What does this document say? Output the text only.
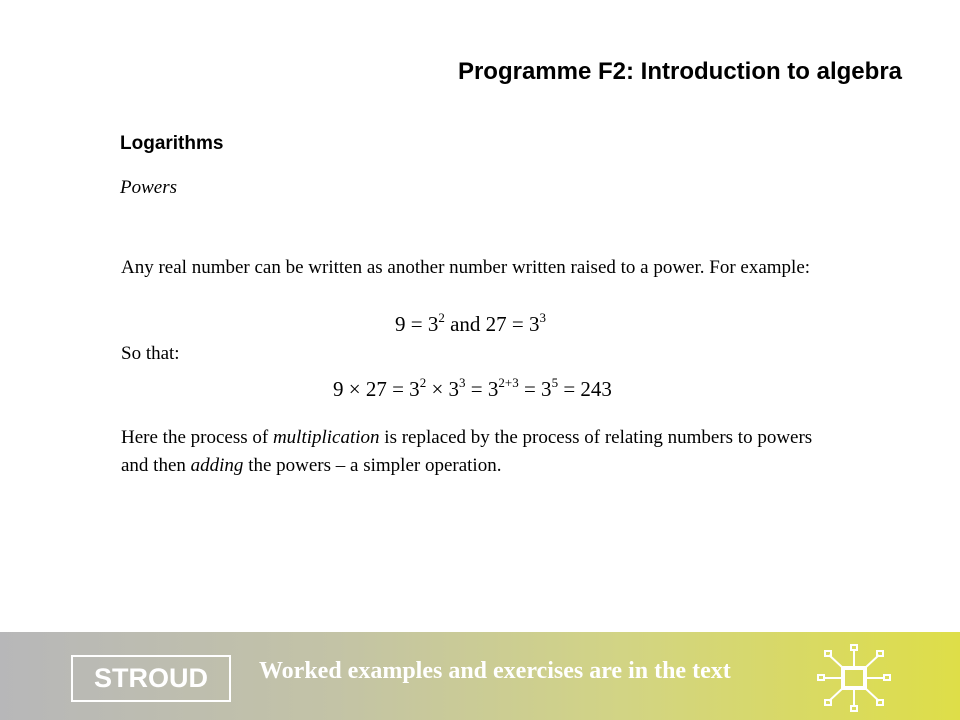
Programme F2: Introduction to algebra
Logarithms
Powers
Any real number can be written as another number written raised to a power. For example:
$9 = 3^2$ and $27 = 3^3$
So that:
$9 \times 27 = 3^2 \times 3^3 = 3^{2+3} = 3^5 = 243$
Here the process of multiplication is replaced by the process of relating numbers to powers and then adding the powers – a simpler operation.
STROUD	Worked examples and exercises are in the text
